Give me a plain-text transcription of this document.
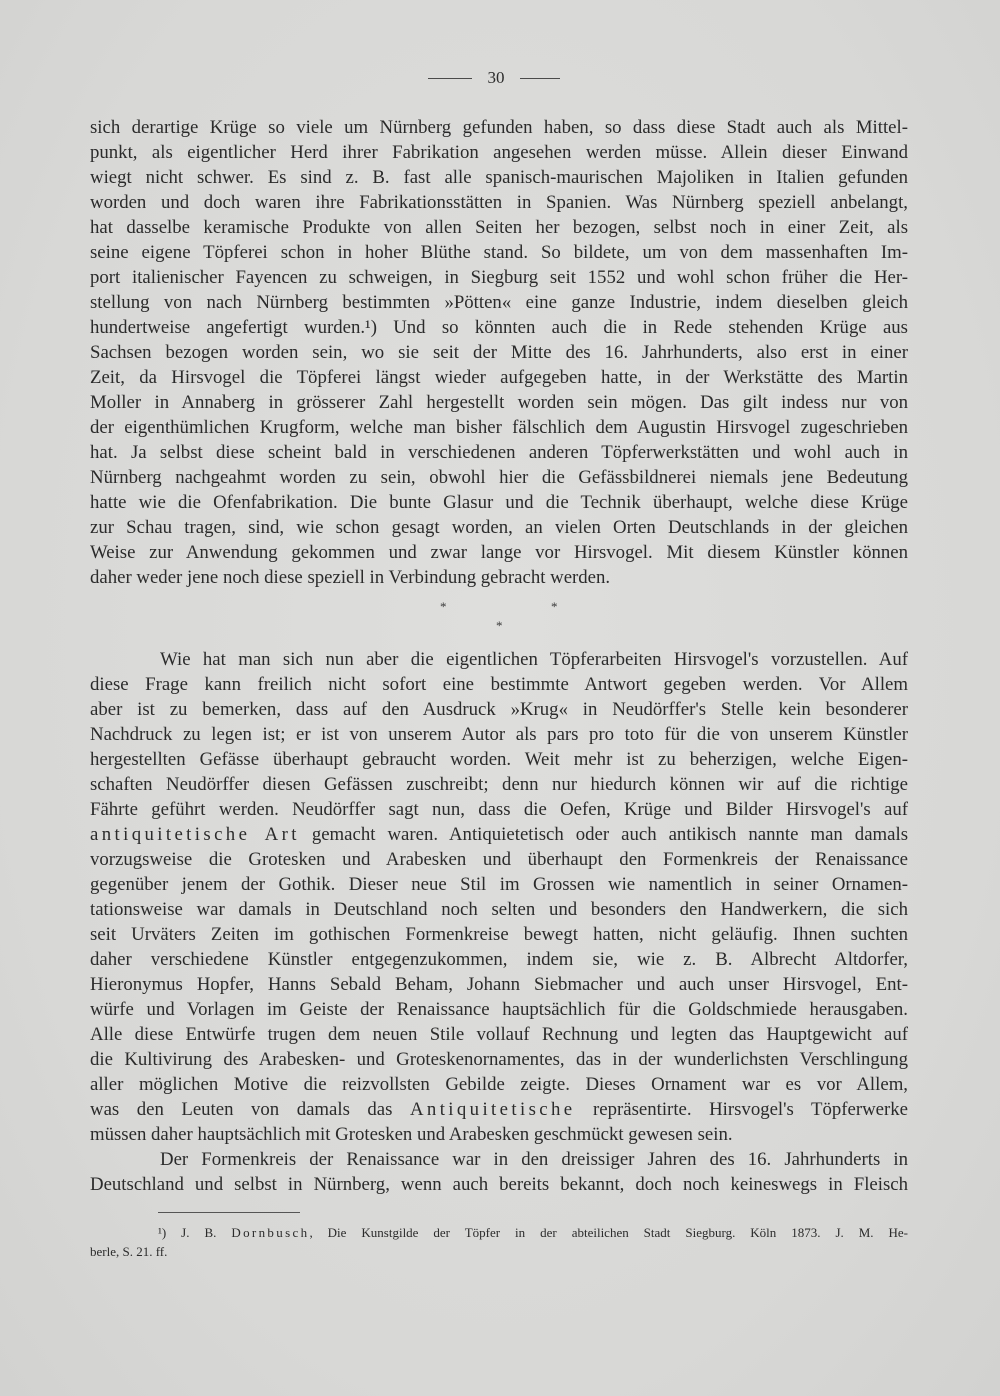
30
sich derartige Krüge so viele um Nürnberg gefunden haben, so dass diese Stadt auch als Mittel-
punkt, als eigentlicher Herd ihrer Fabrikation angesehen werden müsse. Allein dieser Einwand
wiegt nicht schwer. Es sind z. B. fast alle spanisch-maurischen Majoliken in Italien gefunden
worden und doch waren ihre Fabrikationsstätten in Spanien. Was Nürnberg speziell anbelangt,
hat dasselbe keramische Produkte von allen Seiten her bezogen, selbst noch in einer Zeit, als
seine eigene Töpferei schon in hoher Blüthe stand. So bildete, um von dem massenhaften Im-
port italienischer Fayencen zu schweigen, in Siegburg seit 1552 und wohl schon früher die Her-
stellung von nach Nürnberg bestimmten »Pötten« eine ganze Industrie, indem dieselben gleich
hundertweise angefertigt wurden.¹) Und so könnten auch die in Rede stehenden Krüge aus
Sachsen bezogen worden sein, wo sie seit der Mitte des 16. Jahrhunderts, also erst in einer
Zeit, da Hirsvogel die Töpferei längst wieder aufgegeben hatte, in der Werkstätte des Martin
Moller in Annaberg in grösserer Zahl hergestellt worden sein mögen. Das gilt indess nur von
der eigenthümlichen Krugform, welche man bisher fälschlich dem Augustin Hirsvogel zugeschrieben
hat. Ja selbst diese scheint bald in verschiedenen anderen Töpferwerkstätten und wohl auch in
Nürnberg nachgeahmt worden zu sein, obwohl hier die Gefässbildnerei niemals jene Bedeutung
hatte wie die Ofenfabrikation. Die bunte Glasur und die Technik überhaupt, welche diese Krüge
zur Schau tragen, sind, wie schon gesagt worden, an vielen Orten Deutschlands in der gleichen
Weise zur Anwendung gekommen und zwar lange vor Hirsvogel. Mit diesem Künstler können
daher weder jene noch diese speziell in Verbindung gebracht werden.
*	*
*
Wie hat man sich nun aber die eigentlichen Töpferarbeiten Hirsvogel's vorzustellen. Auf
diese Frage kann freilich nicht sofort eine bestimmte Antwort gegeben werden. Vor Allem
aber ist zu bemerken, dass auf den Ausdruck »Krug« in Neudörffer's Stelle kein besonderer
Nachdruck zu legen ist; er ist von unserem Autor als pars pro toto für die von unserem Künstler
hergestellten Gefässe überhaupt gebraucht worden. Weit mehr ist zu beherzigen, welche Eigen-
schaften Neudörffer diesen Gefässen zuschreibt; denn nur hiedurch können wir auf die richtige
Fährte geführt werden. Neudörffer sagt nun, dass die Oefen, Krüge und Bilder Hirsvogel's auf
antiquitetische Art gemacht waren. Antiquietetisch oder auch antikisch nannte man damals
vorzugsweise die Grotesken und Arabesken und überhaupt den Formenkreis der Renaissance
gegenüber jenem der Gothik. Dieser neue Stil im Grossen wie namentlich in seiner Ornamen-
tationsweise war damals in Deutschland noch selten und besonders den Handwerkern, die sich
seit Urväters Zeiten im gothischen Formenkreise bewegt hatten, nicht geläufig. Ihnen suchten
daher verschiedene Künstler entgegenzukommen, indem sie, wie z. B. Albrecht Altdorfer,
Hieronymus Hopfer, Hanns Sebald Beham, Johann Siebmacher und auch unser Hirsvogel, Ent-
würfe und Vorlagen im Geiste der Renaissance hauptsächlich für die Goldschmiede herausgaben.
Alle diese Entwürfe trugen dem neuen Stile vollauf Rechnung und legten das Hauptgewicht auf
die Kultivirung des Arabesken- und Groteskenornamentes, das in der wunderlichsten Verschlingung
aller möglichen Motive die reizvollsten Gebilde zeigte. Dieses Ornament war es vor Allem,
was den Leuten von damals das Antiquitetische repräsentirte. Hirsvogel's Töpferwerke
müssen daher hauptsächlich mit Grotesken und Arabesken geschmückt gewesen sein.
Der Formenkreis der Renaissance war in den dreissiger Jahren des 16. Jahrhunderts in
Deutschland und selbst in Nürnberg, wenn auch bereits bekannt, doch noch keineswegs in Fleisch
¹) J. B. Dornbusch, Die Kunstgilde der Töpfer in der abteilichen Stadt Siegburg. Köln 1873. J. M. He-
berle, S. 21. ff.
